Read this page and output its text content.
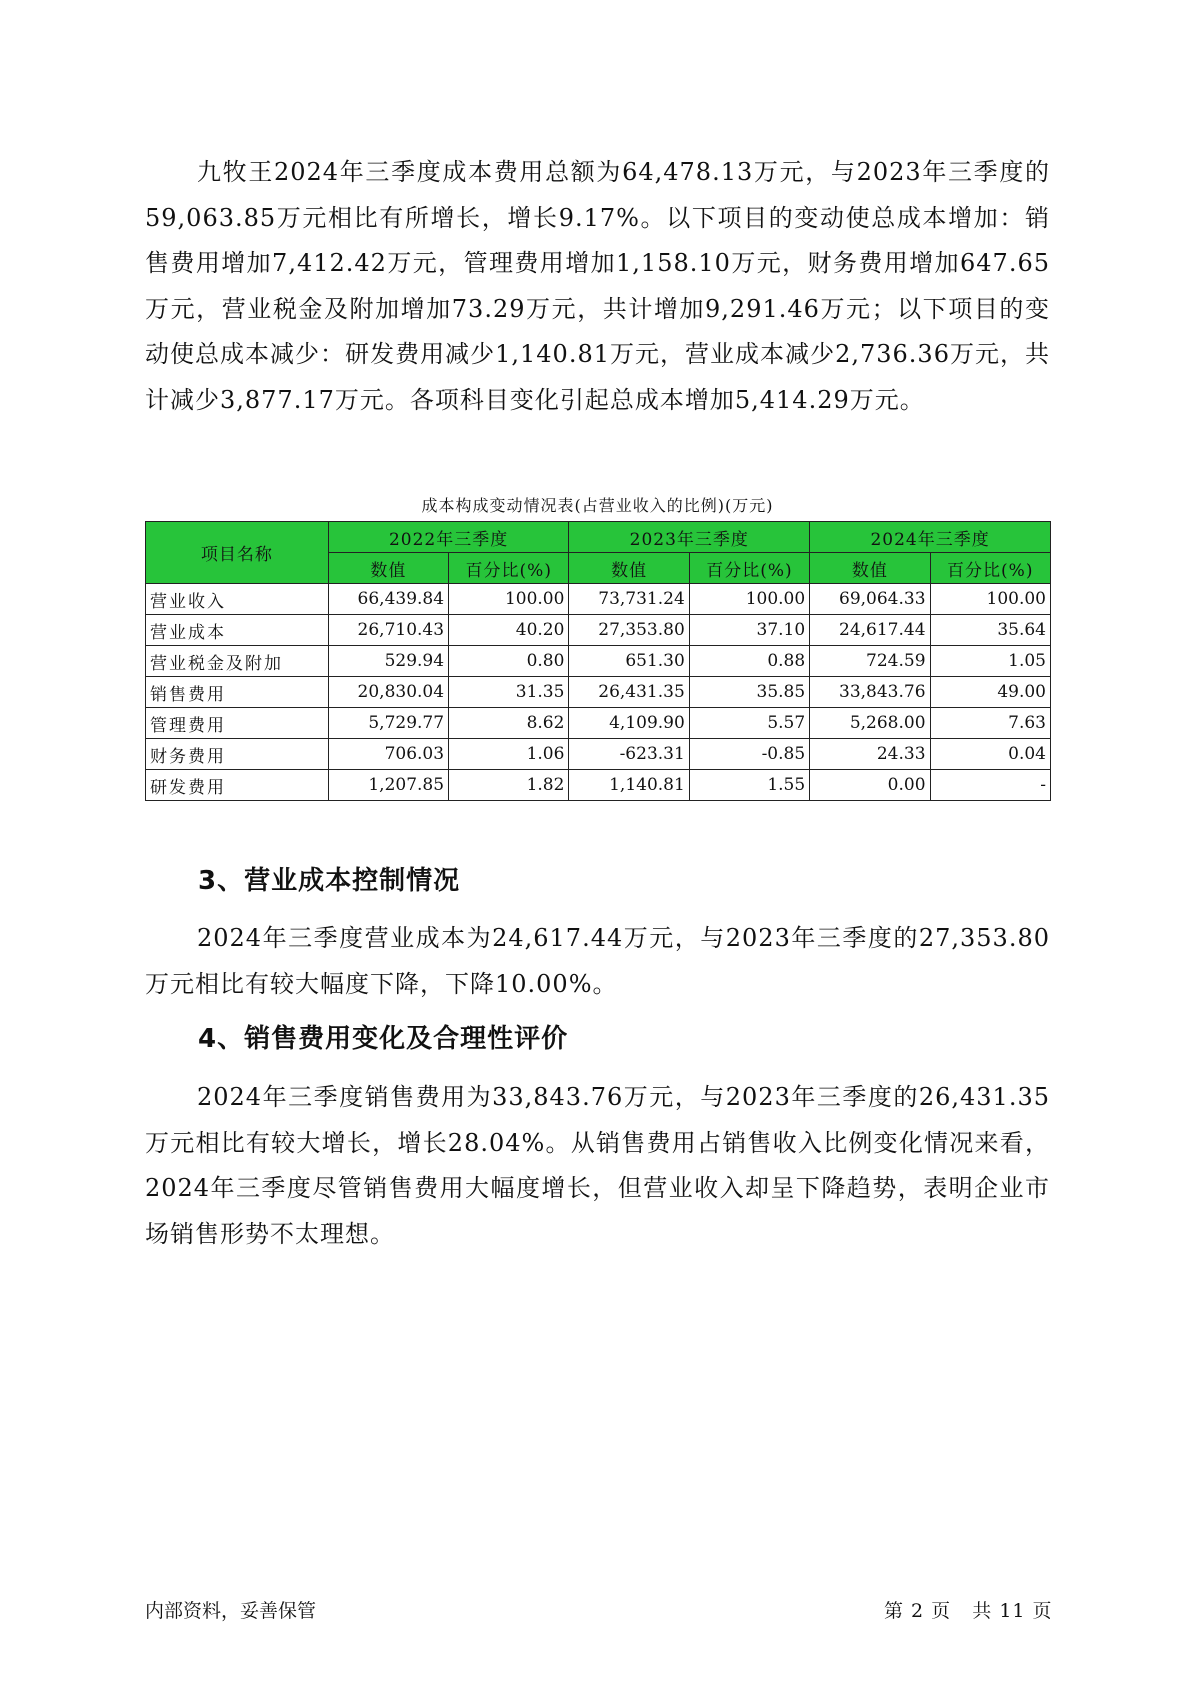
九牧王2024年三季度成本费用总额为64,478.13万元，与2023年三季度的59,063.85万元相比有所增长，增长9.17%。以下项目的变动使总成本增加：销售费用增加7,412.42万元，管理费用增加1,158.10万元，财务费用增加647.65万元，营业税金及附加增加73.29万元，共计增加9,291.46万元；以下项目的变动使总成本减少：研发费用减少1,140.81万元，营业成本减少2,736.36万元，共计减少3,877.17万元。各项科目变化引起总成本增加5,414.29万元。

成本构成变动情况表(占营业收入的比例)(万元)
项目名称	2022年三季度		2023年三季度		2024年三季度	
	数值	百分比(%)	数值	百分比(%)	数值	百分比(%)
营业收入	66,439.84	100.00	73,731.24	100.00	69,064.33	100.00
营业成本	26,710.43	40.20	27,353.80	37.10	24,617.44	35.64
营业税金及附加	529.94	0.80	651.30	0.88	724.59	1.05
销售费用	20,830.04	31.35	26,431.35	35.85	33,843.76	49.00
管理费用	5,729.77	8.62	4,109.90	5.57	5,268.00	7.63
财务费用	706.03	1.06	-623.31	-0.85	24.33	0.04
研发费用	1,207.85	1.82	1,140.81	1.55	0.00	-
3、营业成本控制情况

2024年三季度营业成本为24,617.44万元，与2023年三季度的27,353.80万元相比有较大幅度下降，下降10.00%。

4、销售费用变化及合理性评价

2024年三季度销售费用为33,843.76万元，与2023年三季度的26,431.35万元相比有较大增长，增长28.04%。从销售费用占销售收入比例变化情况来看，2024年三季度尽管销售费用大幅度增长，但营业收入却呈下降趋势，表明企业市场销售形势不太理想。

内部资料，妥善保管	第 2 页   共 11 页
